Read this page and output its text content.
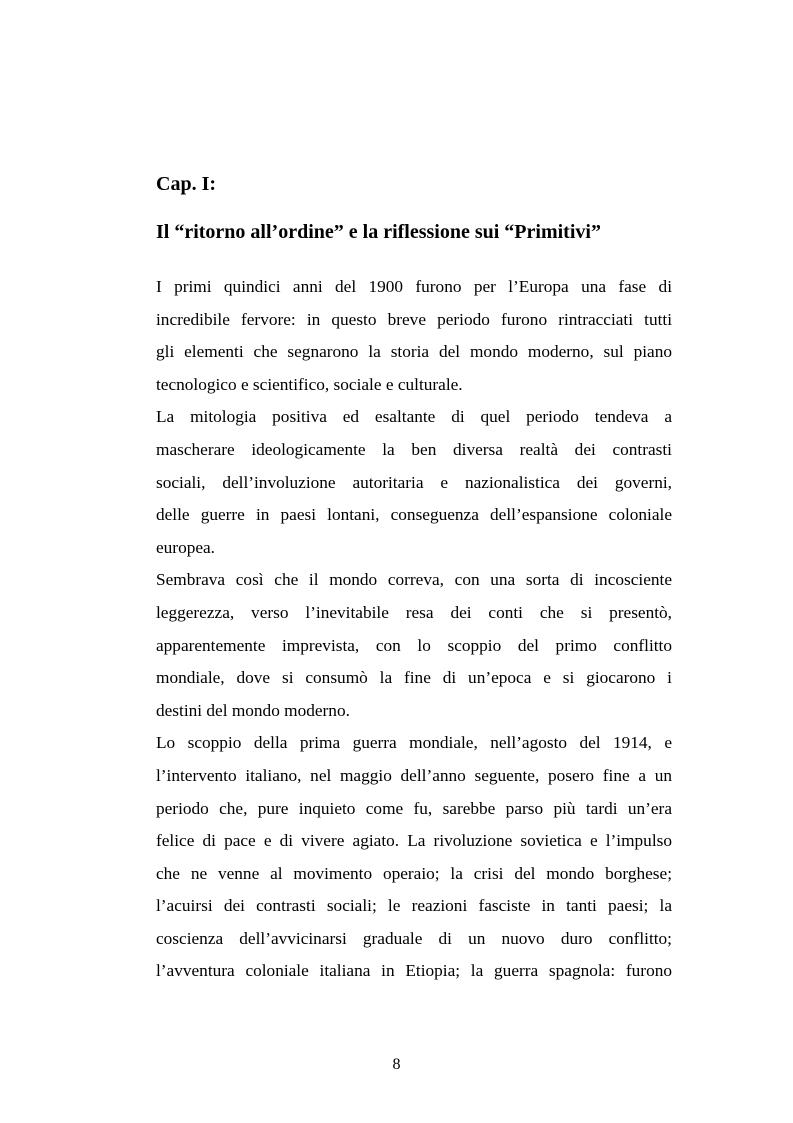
Cap. I:
Il “ritorno all’ordine” e la riflessione sui “Primitivi”
I primi quindici anni del 1900 furono per l’Europa una fase di
incredibile fervore: in questo breve periodo furono rintracciati tutti
gli elementi che segnarono la storia del mondo moderno, sul piano
tecnologico e scientifico, sociale e culturale.
La mitologia positiva ed esaltante di quel periodo tendeva a
mascherare ideologicamente la ben diversa realtà dei contrasti
sociali, dell’involuzione autoritaria e nazionalistica dei governi,
delle guerre in paesi lontani, conseguenza dell’espansione coloniale
europea.
Sembrava così che il mondo correva, con una sorta di incosciente
leggerezza, verso l’inevitabile resa dei conti che si presentò,
apparentemente imprevista, con lo scoppio del primo conflitto
mondiale, dove si consumò la fine di un’epoca e si giocarono i
destini del mondo moderno.
Lo scoppio della prima guerra mondiale, nell’agosto del 1914, e
l’intervento italiano, nel maggio dell’anno seguente, posero fine a un
periodo che, pure inquieto come fu, sarebbe parso più tardi un’era
felice di pace e di vivere agiato. La rivoluzione sovietica e l’impulso
che ne venne al movimento operaio; la crisi del mondo borghese;
l’acuirsi dei contrasti sociali; le reazioni fasciste in tanti paesi; la
coscienza dell’avvicinarsi graduale di un nuovo duro conflitto;
l’avventura coloniale italiana in Etiopia; la guerra spagnola: furono
8
